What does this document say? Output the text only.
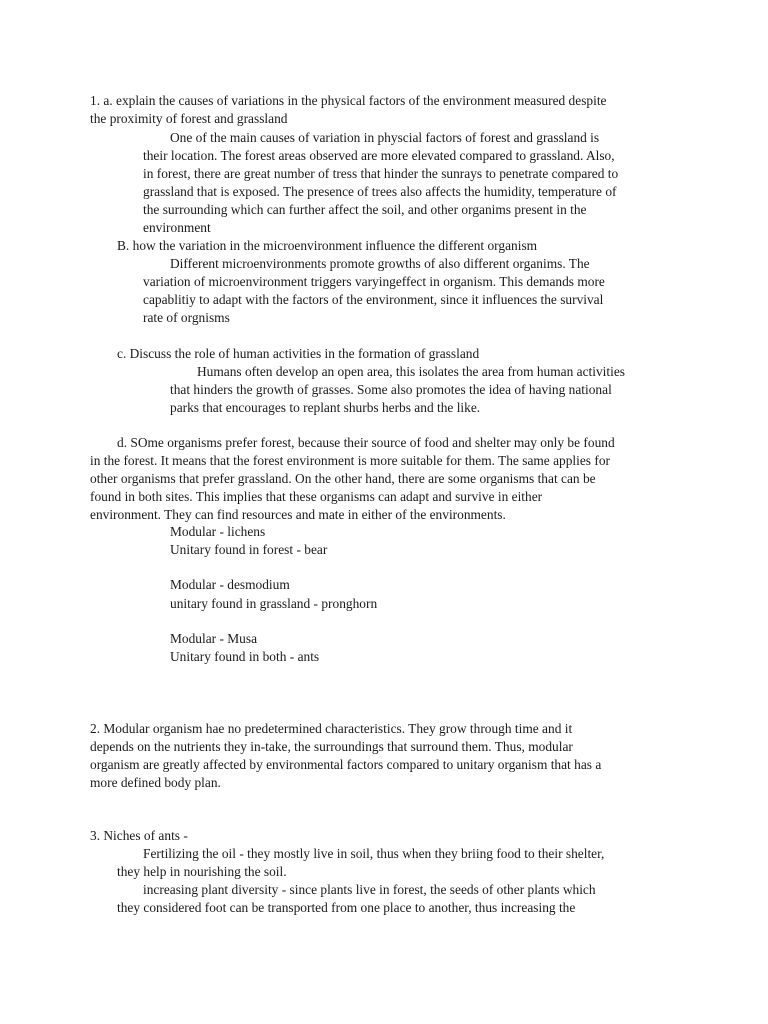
1. a. explain the causes of variations in the physical factors of the environment measured despite
the proximity of forest and grassland
One of the main causes of variation in physcial factors of forest and grassland is
their location. The forest areas observed are more elevated compared to grassland. Also,
in forest, there are great number of tress that hinder the sunrays to penetrate compared to
grassland that is exposed. The presence of trees also affects the humidity, temperature of
the surrounding which can further affect the soil, and other organims present in the
environment
B. how the variation in the microenvironment influence the different organism
Different microenvironments promote growths of also different organims. The
variation of microenvironment triggers varyingeffect in organism. This demands more
capablitiy to adapt with the factors of the environment, since it influences the survival
rate of orgnisms
c. Discuss the role of human activities in the formation of grassland
Humans often develop an open area, this isolates the area from human activities
that hinders the growth of grasses. Some also promotes the idea of having national
parks that encourages to replant shurbs herbs and the like.
d. SOme organisms prefer forest, because their source of food and shelter may only be found
in the forest. It means that the forest environment is more suitable for them. The same applies for
other organisms that prefer grassland. On the other hand, there are some organisms that can be
found in both sites. This implies that these organisms can adapt and survive in either
environment. They can find resources and mate in either of the environments.
Modular - lichens
Unitary found in forest - bear
Modular - desmodium
unitary found in grassland - pronghorn
Modular - Musa
Unitary found in both - ants
2. Modular organism hae no predetermined characteristics. They grow through time and it
depends on the nutrients they in-take, the surroundings that surround them. Thus, modular
organism are greatly affected by environmental factors compared to unitary organism that has a
more defined body plan.
3. Niches of ants -
Fertilizing the oil - they mostly live in soil, thus when they briing food to their shelter,
they help in nourishing the soil.
increasing plant diversity - since plants live in forest, the seeds of other plants which
they considered foot can be transported from one place to another, thus increasing the
